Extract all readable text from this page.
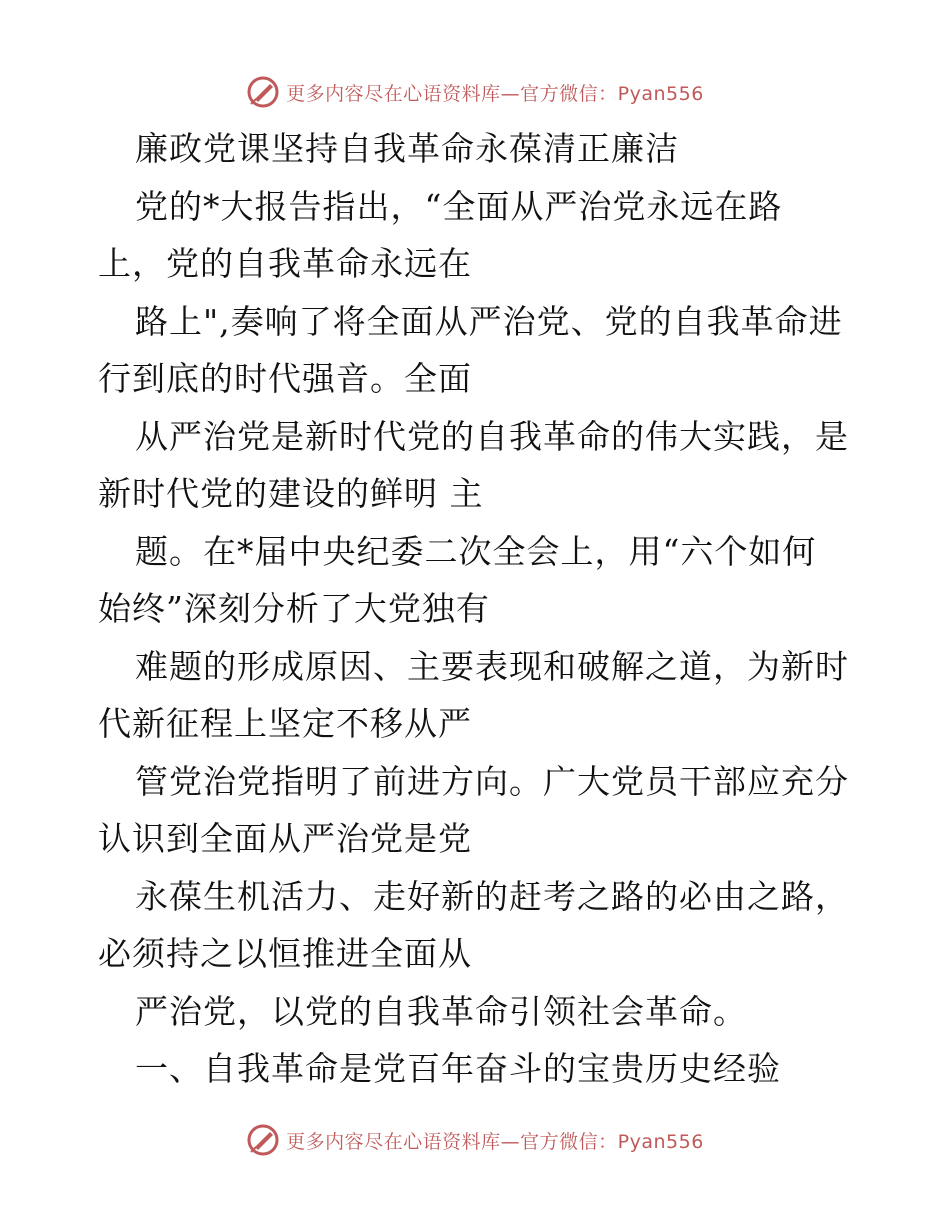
更多内容尽在心语资料库—官方微信：Pyan556
廉政党课坚持自我革命永葆清正廉洁
党的*大报告指出，“全面从严治党永远在路
上，党的自我革命永远在
路上",奏响了将全面从严治党、党的自我革命进
行到底的时代强音。全面
从严治党是新时代党的自我革命的伟大实践，是
新时代党的建设的鲜明 主
题。在*届中央纪委二次全会上，用“六个如何
始终”深刻分析了大党独有
难题的形成原因、主要表现和破解之道，为新时
代新征程上坚定不移从严
管党治党指明了前进方向。广大党员干部应充分
认识到全面从严治党是党
永葆生机活力、走好新的赶考之路的必由之路，
必须持之以恒推进全面从
严治党，以党的自我革命引领社会革命。
一、自我革命是党百年奋斗的宝贵历史经验
更多内容尽在心语资料库—官方微信：Pyan556
